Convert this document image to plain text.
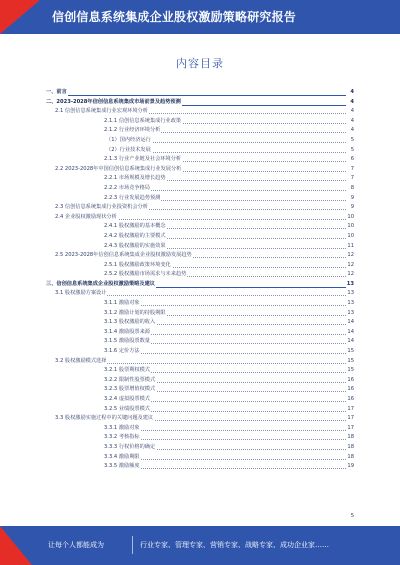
信创信息系统集成企业股权激励策略研究报告
内容目录
一、前言	4
二、2023-2028年信创信息系统集成市场前景及趋势预测	4
2.1 信创信息系统集成行业宏观环境分析	4
2.1.1 信创信息系统集成行业政策	4
2.1.2 行业经济环境分析	4
（1）国内经济运行	5
（2）行业技术发展	5
2.1.3 行业产业链及社会环境分析	6
2.2 2023-2028年中国信创信息系统集成行业发展分析	7
2.2.1 市场规模及增长趋势	7
2.2.2 市场竞争格局	8
2.2.3 行业发展趋势预测	9
2.3 信创信息系统集成行业投资机会分析	9
2.4 企业股权激励现状分析	10
2.4.1 股权激励的基本概念	10
2.4.2 股权激励的主要模式	10
2.4.3 股权激励的实施效果	11
2.5 2023-2028年信创信息系统集成企业股权激励发展趋势	12
2.5.1 股权激励政策环境变化	12
2.5.2 股权激励市场需求与未来趋势	12
三、信创信息系统集成企业股权激励策略及建议	13
3.1 股权激励方案设计	13
3.1.1 激励对象	13
3.1.2 激励计划的持股期限	13
3.1.3 股权激励的收入	14
3.1.4 激励股票来源	14
3.1.5 激励股票数量	14
3.1.6 定价方法	15
3.2 股权激励模式选择	15
3.2.1 股票期权模式	15
3.2.2 限制性股票模式	16
3.2.3 股票增值权模式	16
3.2.4 虚拟股票模式	16
3.2.5 业绩股票模式	17
3.3 股权激励实施过程中的关键问题及建议	17
3.3.1 激励对象	17
3.3.2 考核指标	18
3.3.3 行权价格的确定	18
3.3.4 激励期限	18
3.3.5 激励额度	19
5
让每个人都能成为	行业专家、管理专家、营销专家、战略专家、成功企业家……
